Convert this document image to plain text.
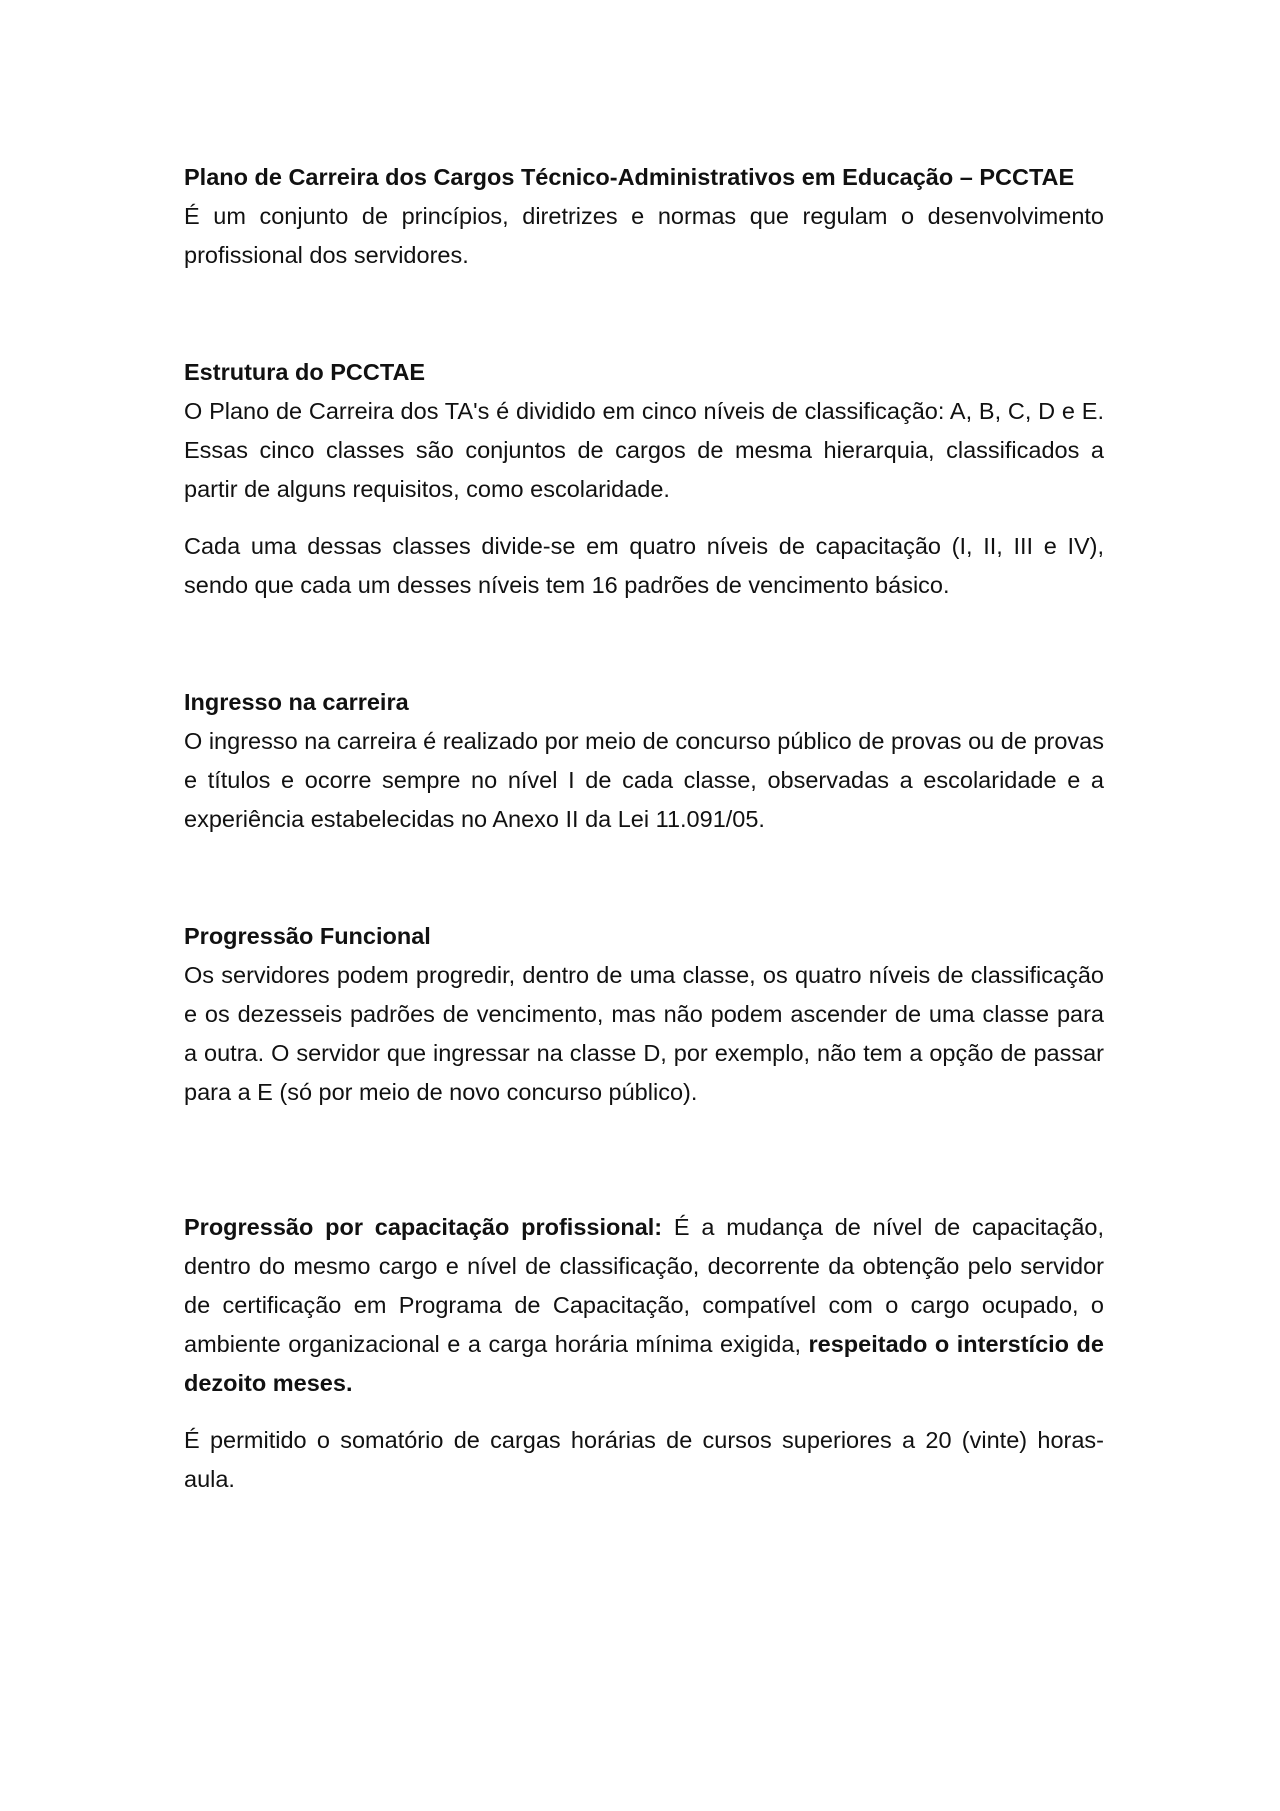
Plano de Carreira dos Cargos Técnico-Administrativos em Educação – PCCTAE

É um conjunto de princípios, diretrizes e normas que regulam o desenvolvimento profissional dos servidores.

Estrutura do PCCTAE

O Plano de Carreira dos TA's é dividido em cinco níveis de classificação: A, B, C, D e E. Essas cinco classes são conjuntos de cargos de mesma hierarquia, classificados a partir de alguns requisitos, como escolaridade.

Cada uma dessas classes divide-se em quatro níveis de capacitação (I, II, III e IV), sendo que cada um desses níveis tem 16 padrões de vencimento básico.

Ingresso na carreira

O ingresso na carreira é realizado por meio de concurso público de provas ou de provas e títulos e ocorre sempre no nível I de cada classe, observadas a escolaridade e a experiência estabelecidas no Anexo II da Lei 11.091/05.

Progressão Funcional

Os servidores podem progredir, dentro de uma classe, os quatro níveis de classificação e os dezesseis padrões de vencimento, mas não podem ascender de uma classe para a outra. O servidor que ingressar na classe D, por exemplo, não tem a opção de passar para a E (só por meio de novo concurso público).

Progressão por capacitação profissional: É a mudança de nível de capacitação, dentro do mesmo cargo e nível de classificação, decorrente da obtenção pelo servidor de certificação em Programa de Capacitação, compatível com o cargo ocupado, o ambiente organizacional e a carga horária mínima exigida, respeitado o interstício de dezoito meses.

É permitido o somatório de cargas horárias de cursos superiores a 20 (vinte) horas-aula.
